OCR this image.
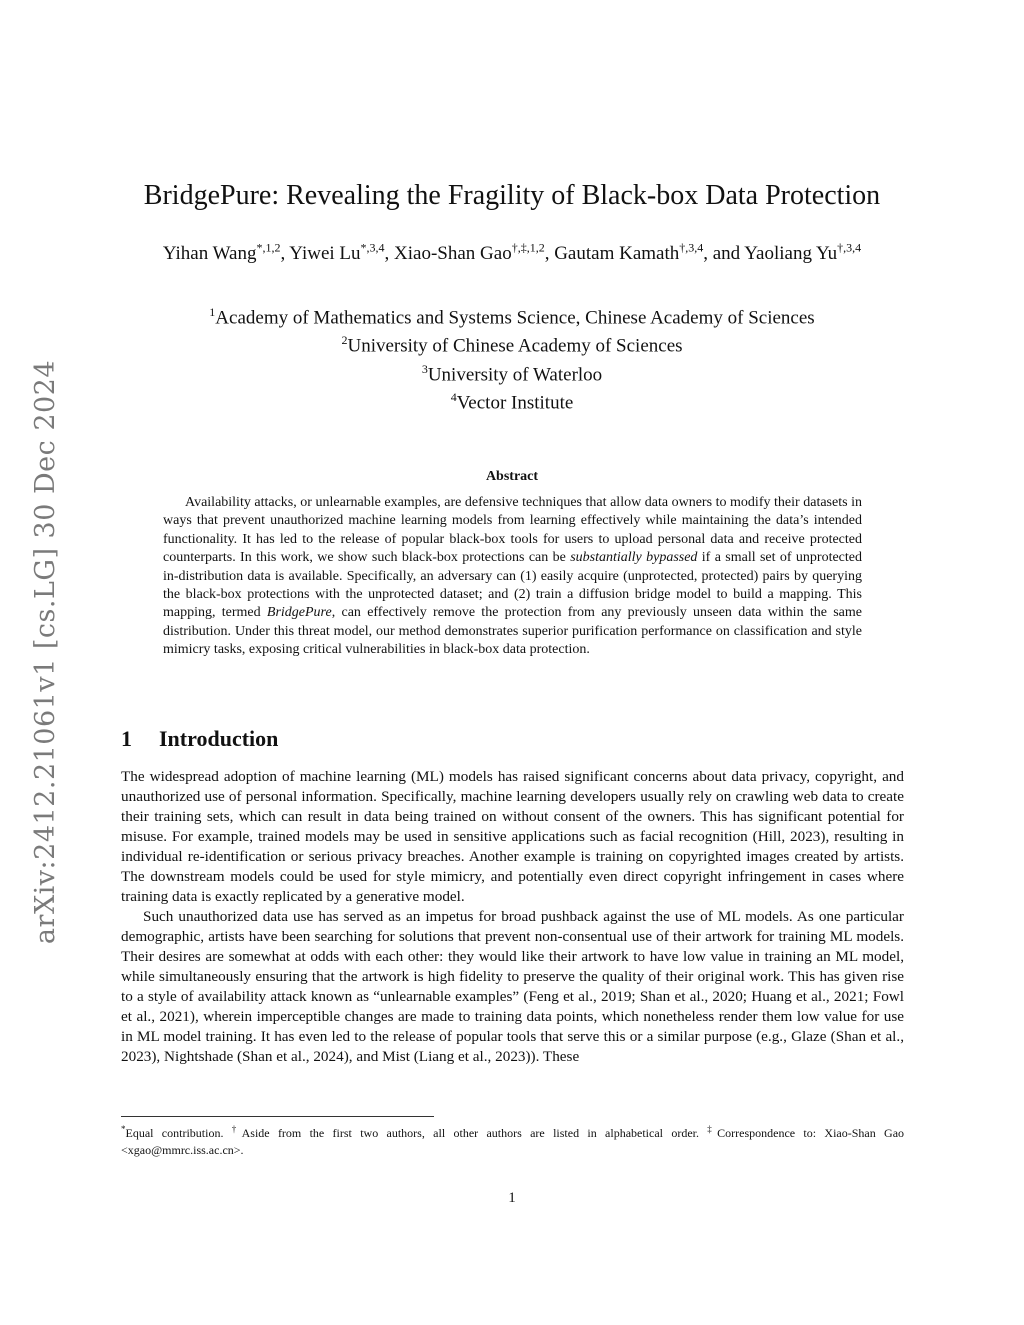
arXiv:2412.21061v1 [cs.LG] 30 Dec 2024
BridgePure: Revealing the Fragility of Black-box Data Protection
Yihan Wang$^{*,1,2}$, Yiwei $Lu^{*,3,4}$, Xiao-Shan Gao$^{\dagger,\ddagger,1,2}$, Gautam Kamath$^{\dagger,3,4}$, and Yaoliang $Yu^{\dagger,3,4}$
$^1$Academy of Mathematics and Systems Science, Chinese Academy of Sciences
$^2$University of Chinese Academy of Sciences
$^3$University of Waterloo
$^4$Vector Institute
Abstract
Availability attacks, or unlearnable examples, are defensive techniques that allow data owners to modify their datasets in ways that prevent unauthorized machine learning models from learning effectively while maintaining the data’s intended functionality. It has led to the release of popular black-box tools for users to upload personal data and receive protected counterparts. In this work, we show such black-box protections can be substantially bypassed if a small set of unprotected in-distribution data is available. Specifically, an adversary can (1) easily acquire (unprotected, protected) pairs by querying the black-box protections with the unprotected dataset; and (2) train a diffusion bridge model to build a mapping. This mapping, termed BridgePure, can effectively remove the protection from any previously unseen data within the same distribution. Under this threat model, our method demonstrates superior purification performance on classification and style mimicry tasks, exposing critical vulnerabilities in black-box data protection.
1 Introduction

The widespread adoption of machine learning (ML) models has raised significant concerns about data privacy, copyright, and unauthorized use of personal information. Specifically, machine learning developers usually rely on crawling web data to create their training sets, which can result in data being trained on without consent of the owners. This has significant potential for misuse. For example, trained models may be used in sensitive applications such as facial recognition (Hill, 2023), resulting in individual re-identification or serious privacy breaches. Another example is training on copyrighted images created by artists. The downstream models could be used for style mimicry, and potentially even direct copyright infringement in cases where training data is exactly replicated by a generative model.

Such unauthorized data use has served as an impetus for broad pushback against the use of ML models. As one particular demographic, artists have been searching for solutions that prevent non-consentual use of their artwork for training ML models. Their desires are somewhat at odds with each other: they would like their artwork to have low value in training an ML model, while simultaneously ensuring that the artwork is high fidelity to preserve the quality of their original work. This has given rise to a style of availability attack known as “unlearnable examples” (Feng et al., 2019; Shan et al., 2020; Huang et al., 2021; Fowl et al., 2021), wherein imperceptible changes are made to training data points, which nonetheless render them low value for use in ML model training. It has even led to the release of popular tools that serve this or a similar purpose (e.g., Glaze (Shan et al., 2023), Nightshade (Shan et al., 2024), and Mist (Liang et al., 2023)). These

*Equal contribution. †Aside from the first two authors, all other authors are listed in alphabetical order. ‡Correspondence to: Xiao-Shan Gao <xgao@mmrc.iss.ac.cn>.
1
